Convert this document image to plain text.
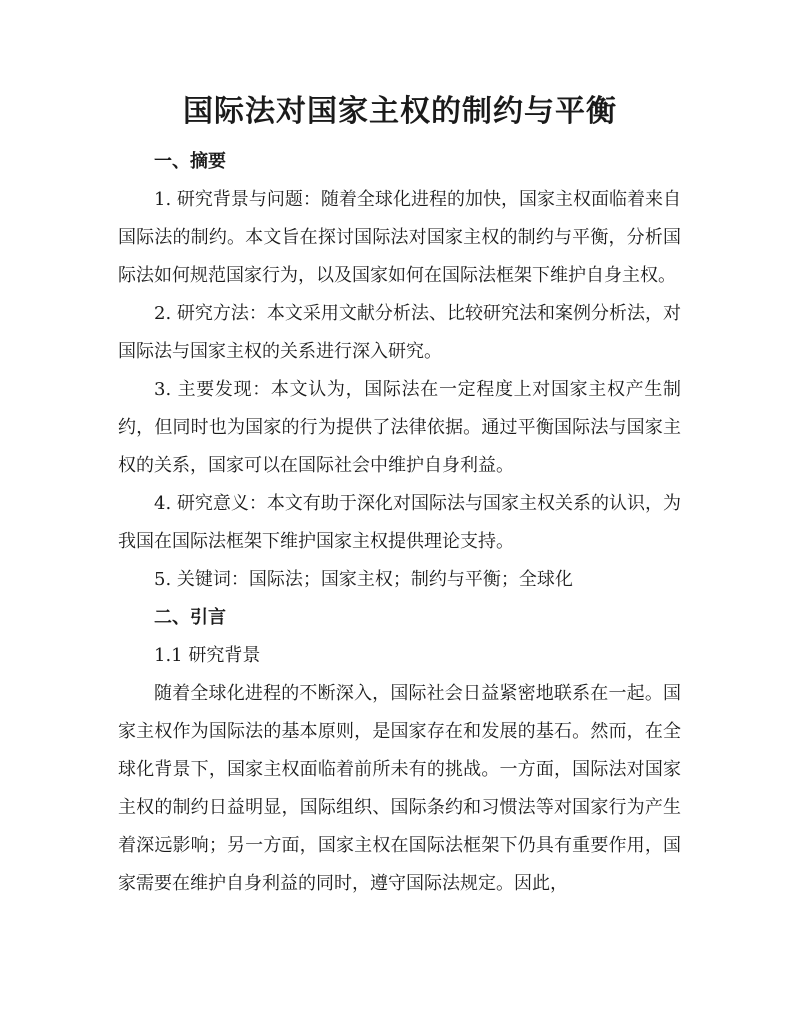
国际法对国家主权的制约与平衡

一、摘要

1. 研究背景与问题：随着全球化进程的加快，国家主权面临着来自国际法的制约。本文旨在探讨国际法对国家主权的制约与平衡，分析国际法如何规范国家行为，以及国家如何在国际法框架下维护自身主权。

2. 研究方法：本文采用文献分析法、比较研究法和案例分析法，对国际法与国家主权的关系进行深入研究。

3. 主要发现：本文认为，国际法在一定程度上对国家主权产生制约，但同时也为国家的行为提供了法律依据。通过平衡国际法与国家主权的关系，国家可以在国际社会中维护自身利益。

4. 研究意义：本文有助于深化对国际法与国家主权关系的认识，为我国在国际法框架下维护国家主权提供理论支持。

5. 关键词：国际法；国家主权；制约与平衡；全球化

二、引言

1.1 研究背景

随着全球化进程的不断深入，国际社会日益紧密地联系在一起。国家主权作为国际法的基本原则，是国家存在和发展的基石。然而，在全球化背景下，国家主权面临着前所未有的挑战。一方面，国际法对国家主权的制约日益明显，国际组织、国际条约和习惯法等对国家行为产生着深远影响；另一方面，国家主权在国际法框架下仍具有重要作用，国家需要在维护自身利益的同时，遵守国际法规定。因此，
